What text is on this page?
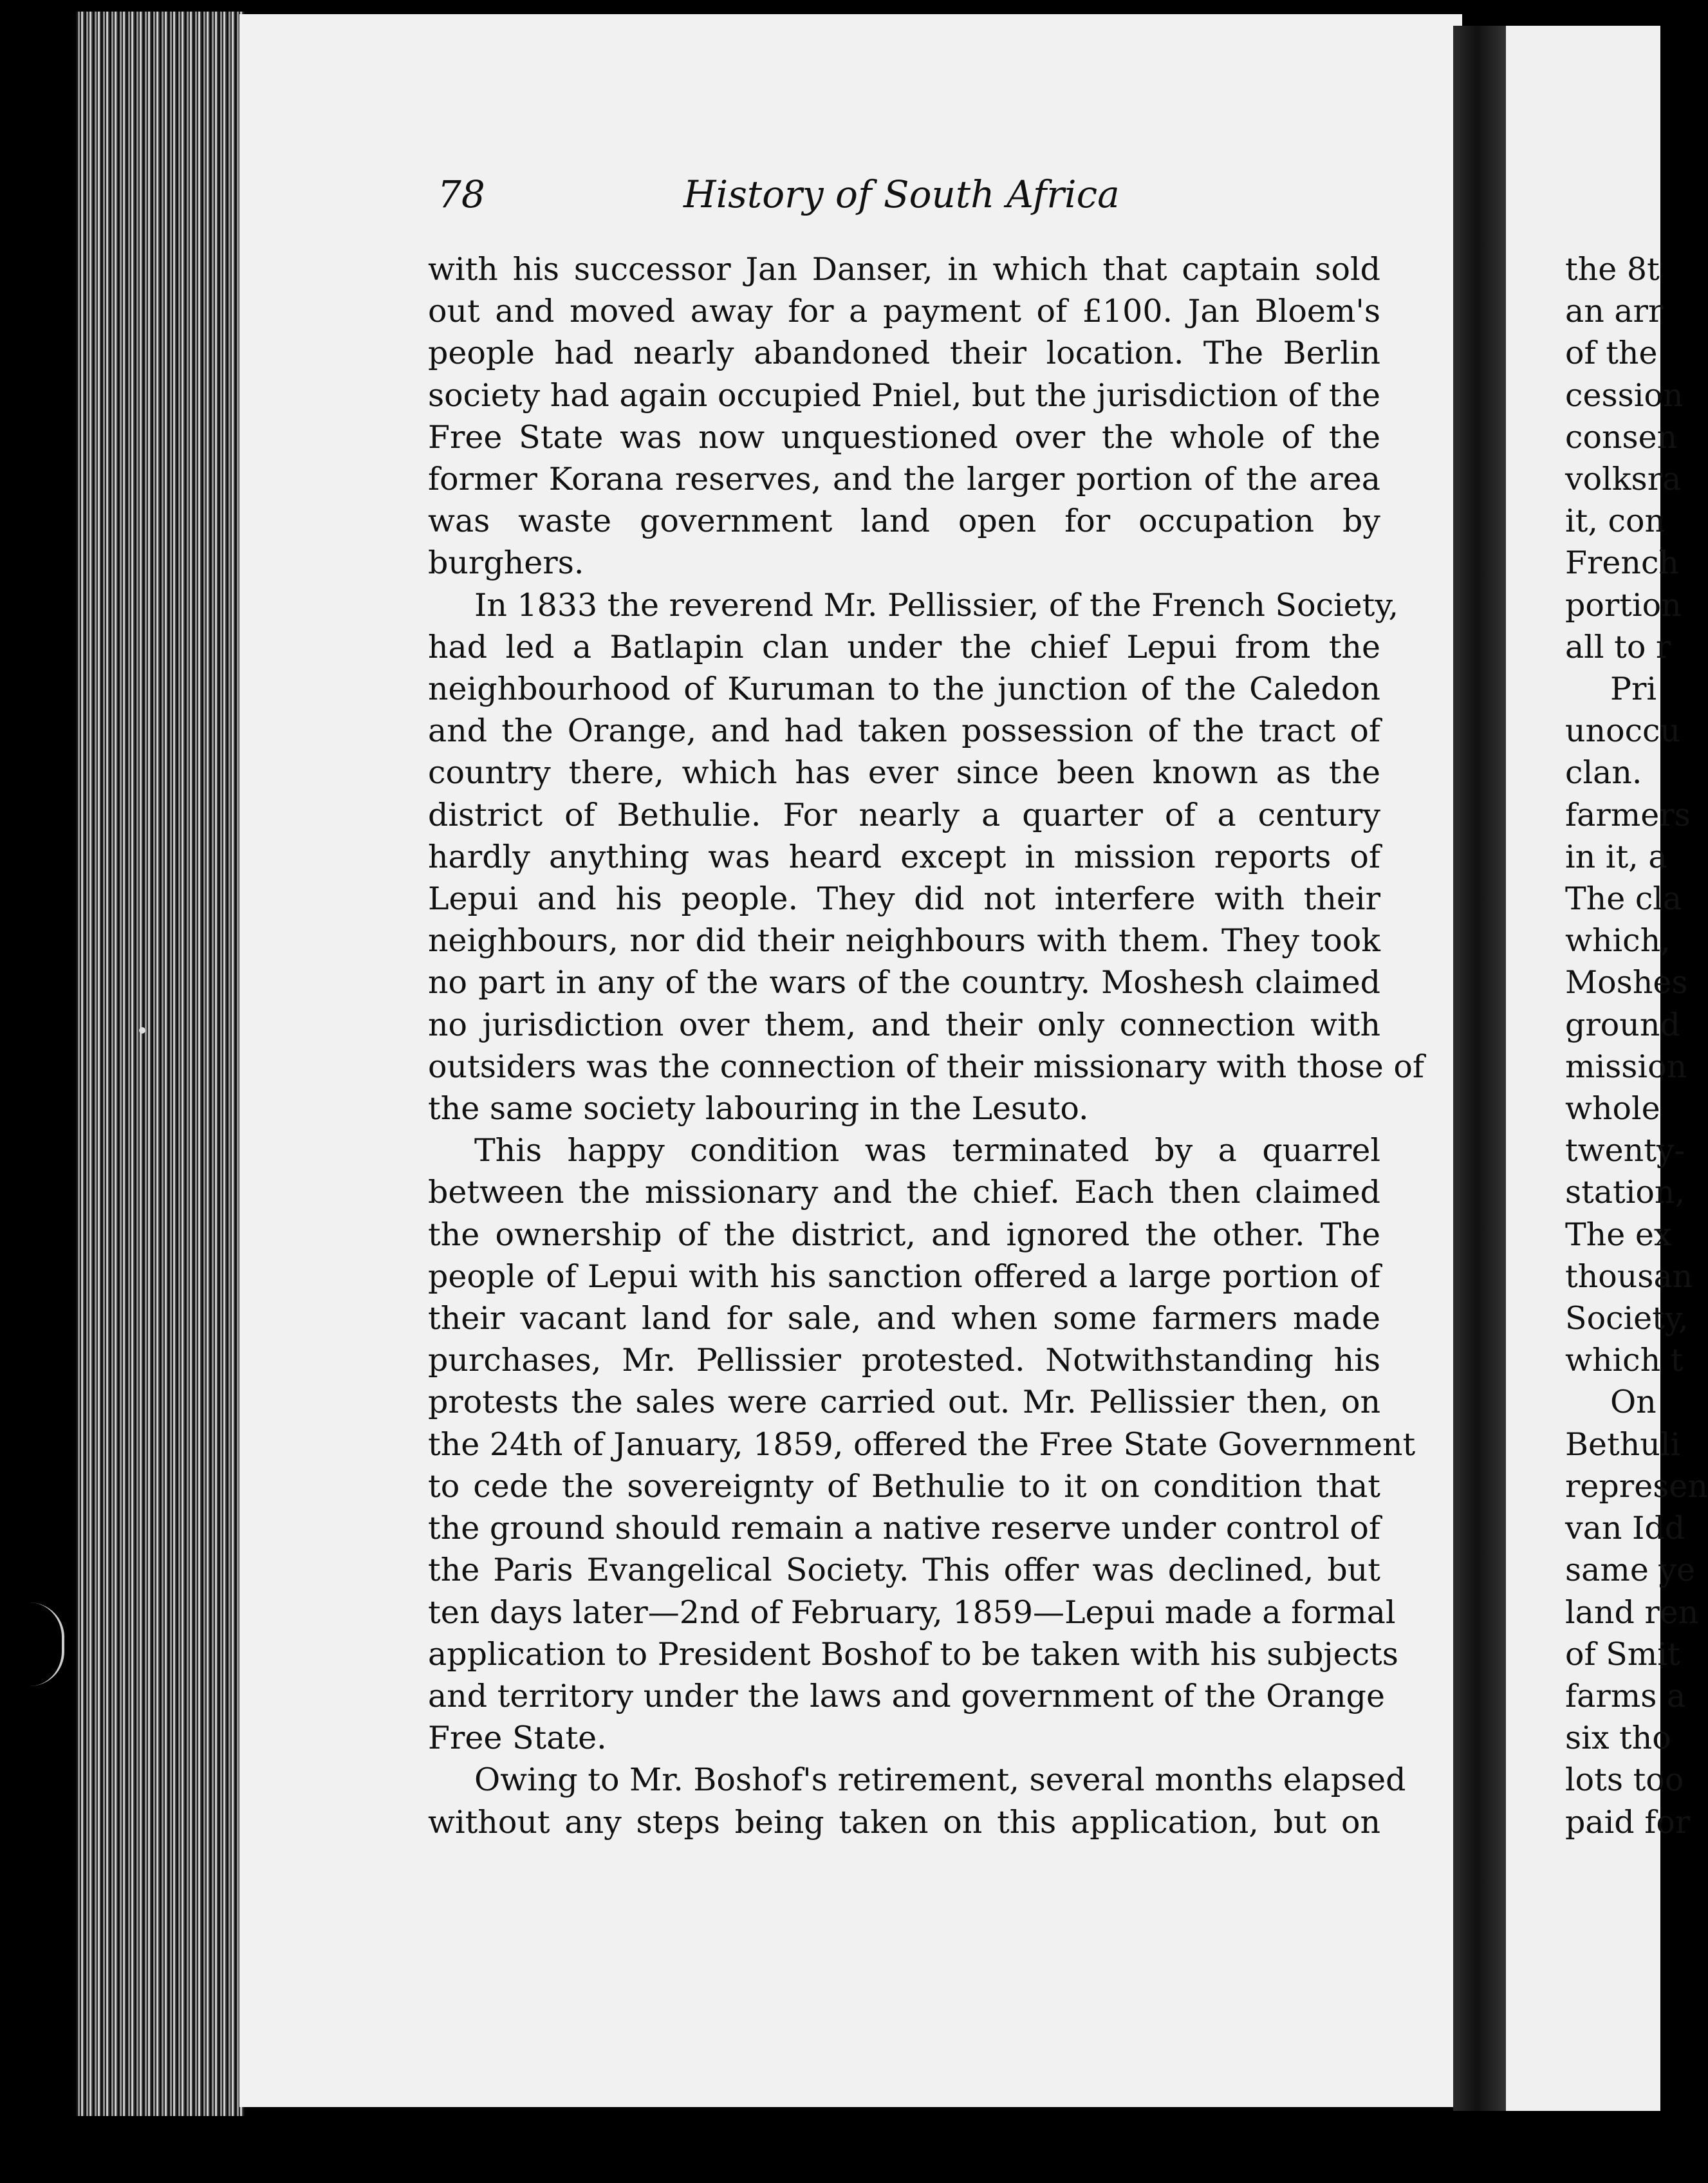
78	History of South Africa
with his successor Jan Danser, in which that captain sold
out and moved away for a payment of £100. Jan Bloem's
people had nearly abandoned their location. The Berlin
society had again occupied Pniel, but the jurisdiction of the
Free State was now unquestioned over the whole of the
former Korana reserves, and the larger portion of the area
was waste government land open for occupation by
burghers.
In 1833 the reverend Mr. Pellissier, of the French Society,
had led a Batlapin clan under the chief Lepui from the
neighbourhood of Kuruman to the junction of the Caledon
and the Orange, and had taken possession of the tract of
country there, which has ever since been known as the
district of Bethulie. For nearly a quarter of a century
hardly anything was heard except in mission reports of
Lepui and his people. They did not interfere with their
neighbours, nor did their neighbours with them. They took
no part in any of the wars of the country. Moshesh claimed
no jurisdiction over them, and their only connection with
outsiders was the connection of their missionary with those of
the same society labouring in the Lesuto.
This happy condition was terminated by a quarrel
between the missionary and the chief. Each then claimed
the ownership of the district, and ignored the other. The
people of Lepui with his sanction offered a large portion of
their vacant land for sale, and when some farmers made
purchases, Mr. Pellissier protested. Notwithstanding his
protests the sales were carried out. Mr. Pellissier then, on
the 24th of January, 1859, offered the Free State Government
to cede the sovereignty of Bethulie to it on condition that
the ground should remain a native reserve under control of
the Paris Evangelical Society. This offer was declined, but
ten days later—2nd of February, 1859—Lepui made a formal
application to President Boshof to be taken with his subjects
and territory under the laws and government of the Orange
Free State.
Owing to Mr. Boshof's retirement, several months elapsed
without any steps being taken on this application, but on
the 8t
an arr
of the
cession
consen
volksra
it, con
French
portion
all to r
Pri
unoccu
clan.
farmers
in it, a
The cla
which,
Moshes
ground
mission
whole
twenty-
station,
The ex
thousan
Society,
which t
On
Bethuli
represen
van Idd
same ye
land ren
of Smit
farms a
six tho
lots too
paid for
